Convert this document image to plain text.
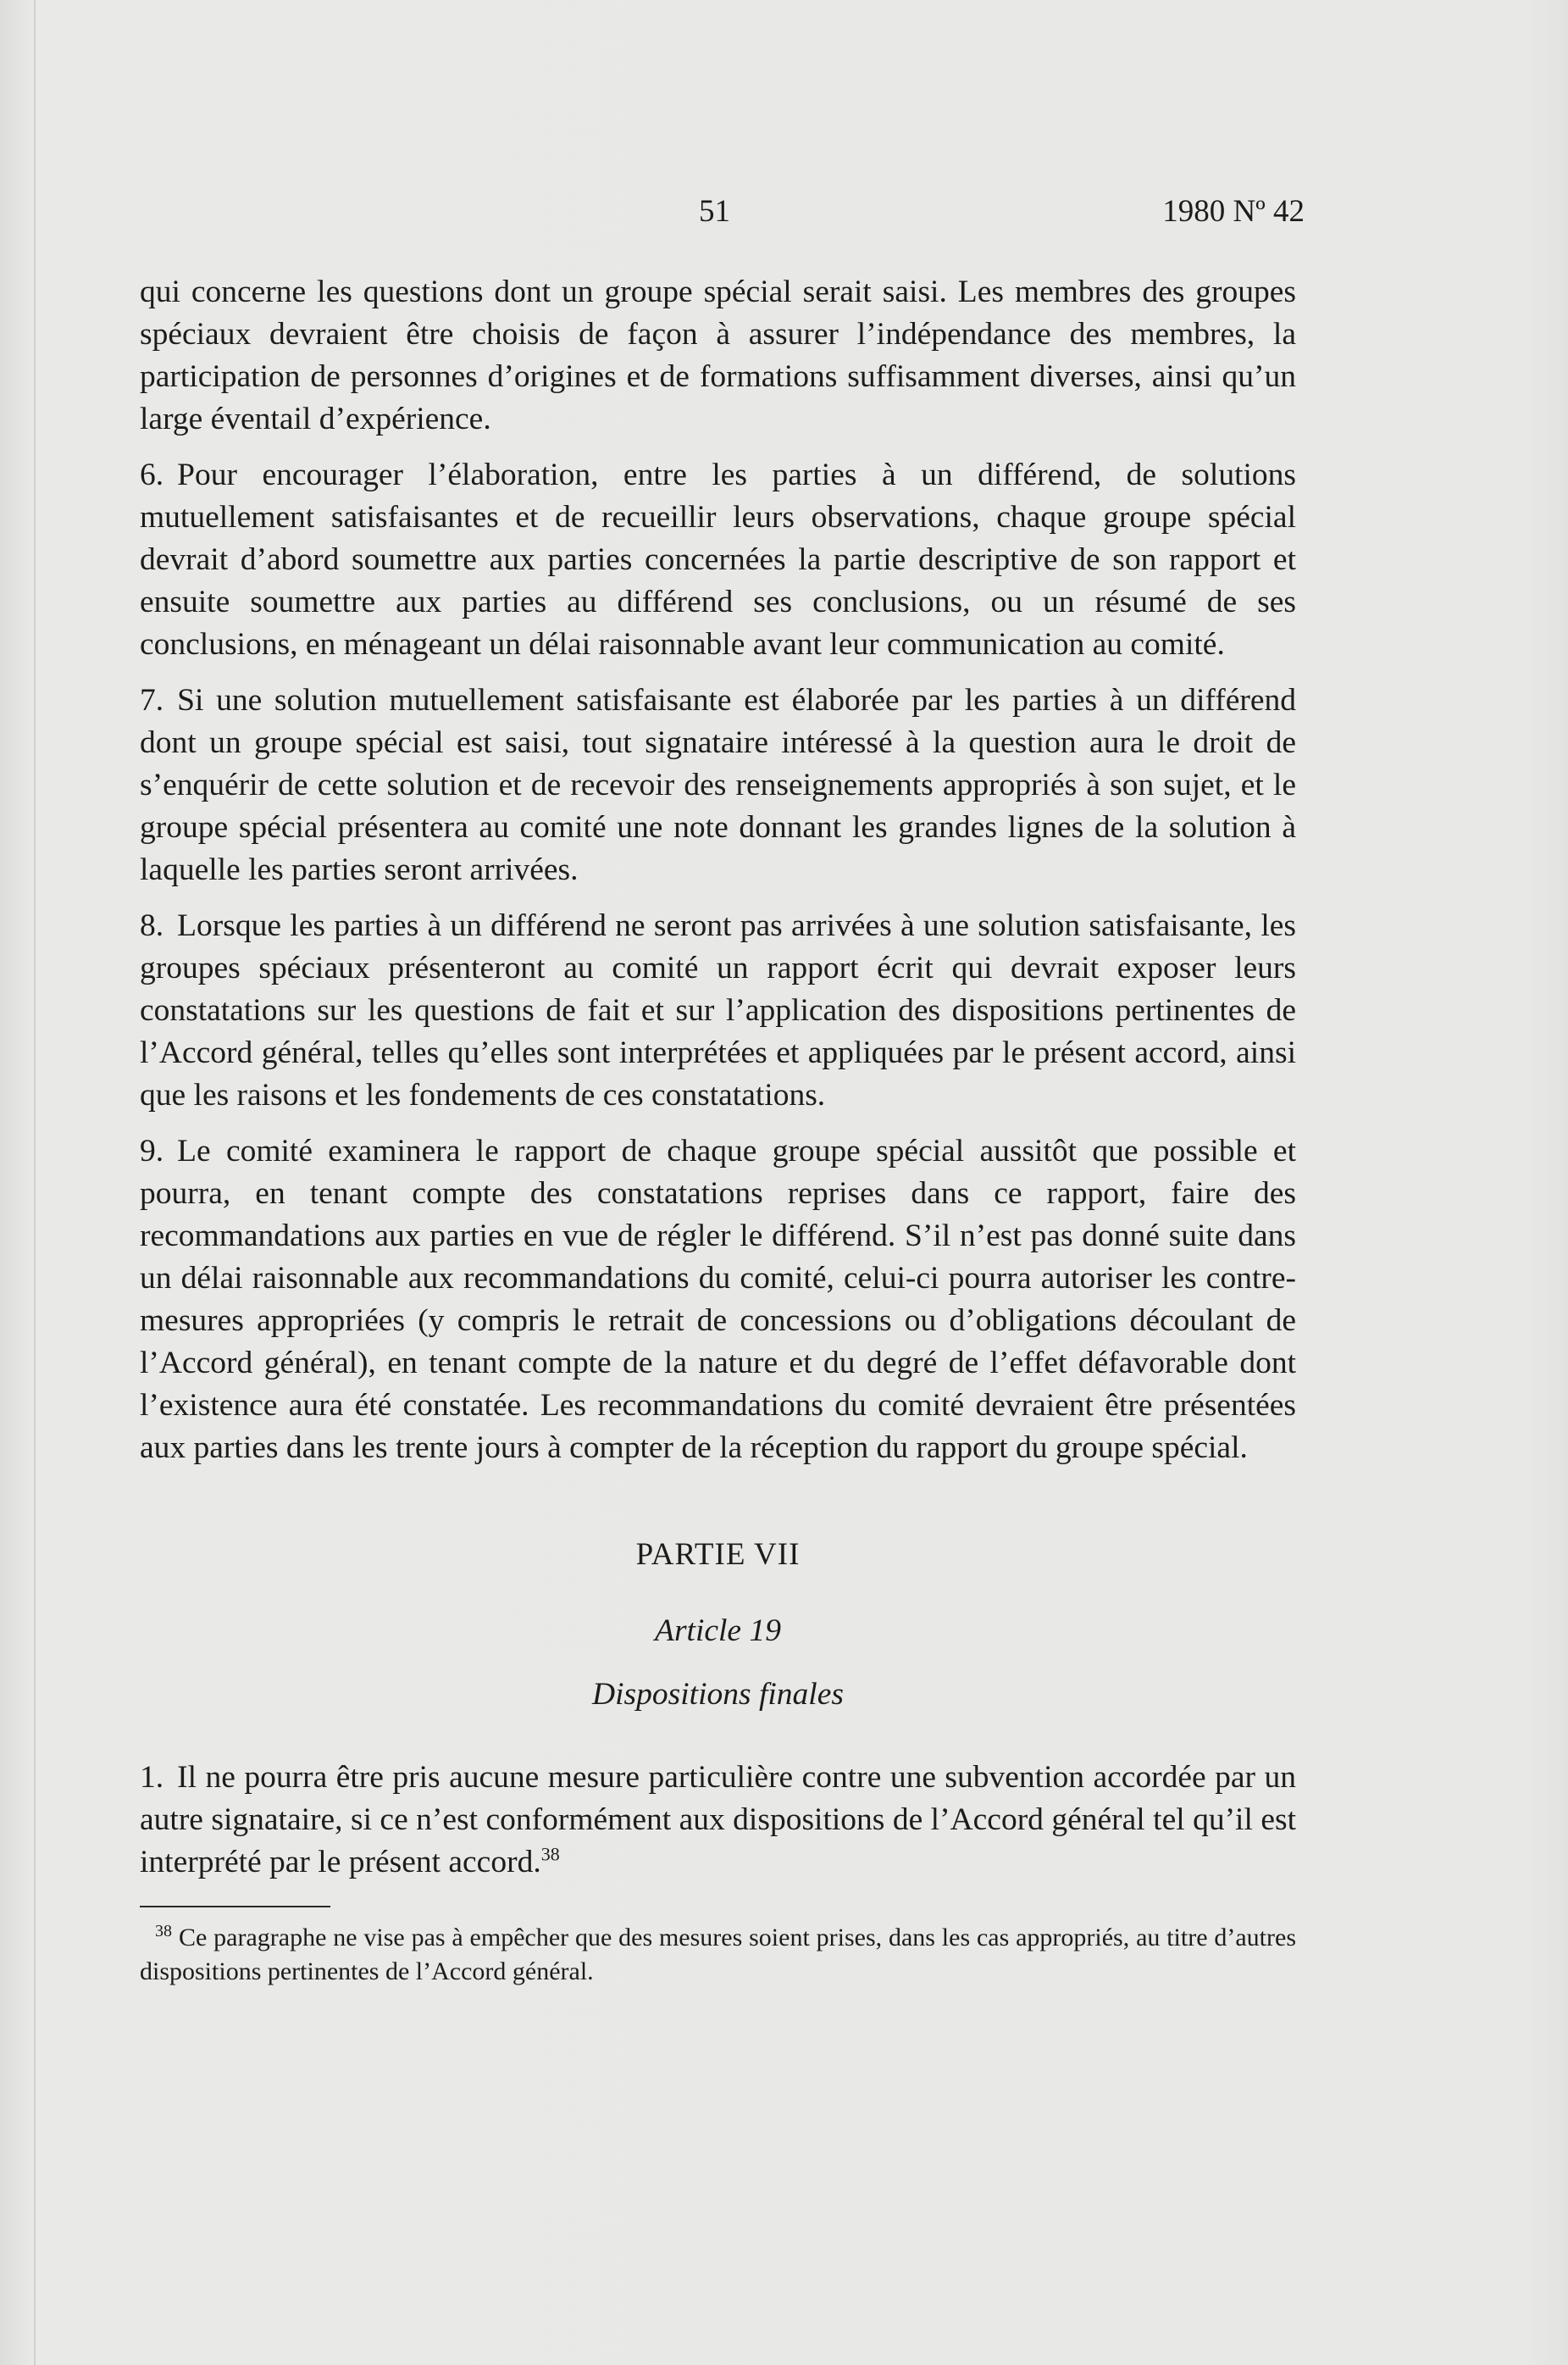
51	1980 Nº 42

qui concerne les questions dont un groupe spécial serait saisi. Les membres des groupes spéciaux devraient être choisis de façon à assurer l’indépendance des membres, la participation de personnes d’origines et de formations suffisamment diverses, ainsi qu’un large éventail d’expérience.

6. Pour encourager l’élaboration, entre les parties à un différend, de solutions mutuellement satisfaisantes et de recueillir leurs observations, chaque groupe spécial devrait d’abord soumettre aux parties concernées la partie descriptive de son rapport et ensuite soumettre aux parties au différend ses conclusions, ou un résumé de ses conclusions, en ménageant un délai raisonnable avant leur communication au comité.

7. Si une solution mutuellement satisfaisante est élaborée par les parties à un différend dont un groupe spécial est saisi, tout signataire intéressé à la question aura le droit de s’enquérir de cette solution et de recevoir des renseignements appropriés à son sujet, et le groupe spécial présentera au comité une note donnant les grandes lignes de la solution à laquelle les parties seront arrivées.

8. Lorsque les parties à un différend ne seront pas arrivées à une solution satisfaisante, les groupes spéciaux présenteront au comité un rapport écrit qui devrait exposer leurs constatations sur les questions de fait et sur l’application des dispositions pertinentes de l’Accord général, telles qu’elles sont interprétées et appliquées par le présent accord, ainsi que les raisons et les fondements de ces constatations.

9. Le comité examinera le rapport de chaque groupe spécial aussitôt que possible et pourra, en tenant compte des constatations reprises dans ce rapport, faire des recommandations aux parties en vue de régler le différend. S’il n’est pas donné suite dans un délai raisonnable aux recommandations du comité, celui-ci pourra autoriser les contre-mesures appropriées (y compris le retrait de concessions ou d’obligations découlant de l’Accord général), en tenant compte de la nature et du degré de l’effet défavorable dont l’existence aura été constatée. Les recommandations du comité devraient être présentées aux parties dans les trente jours à compter de la réception du rapport du groupe spécial.

PARTIE VII
Article 19
Dispositions finales

1. Il ne pourra être pris aucune mesure particulière contre une subvention accordée par un autre signataire, si ce n’est conformément aux dispositions de l’Accord général tel qu’il est interprété par le présent accord.$^{38}$

$^{38}$ Ce paragraphe ne vise pas à empêcher que des mesures soient prises, dans les cas appropriés, au titre d’autres dispositions pertinentes de l’Accord général.
